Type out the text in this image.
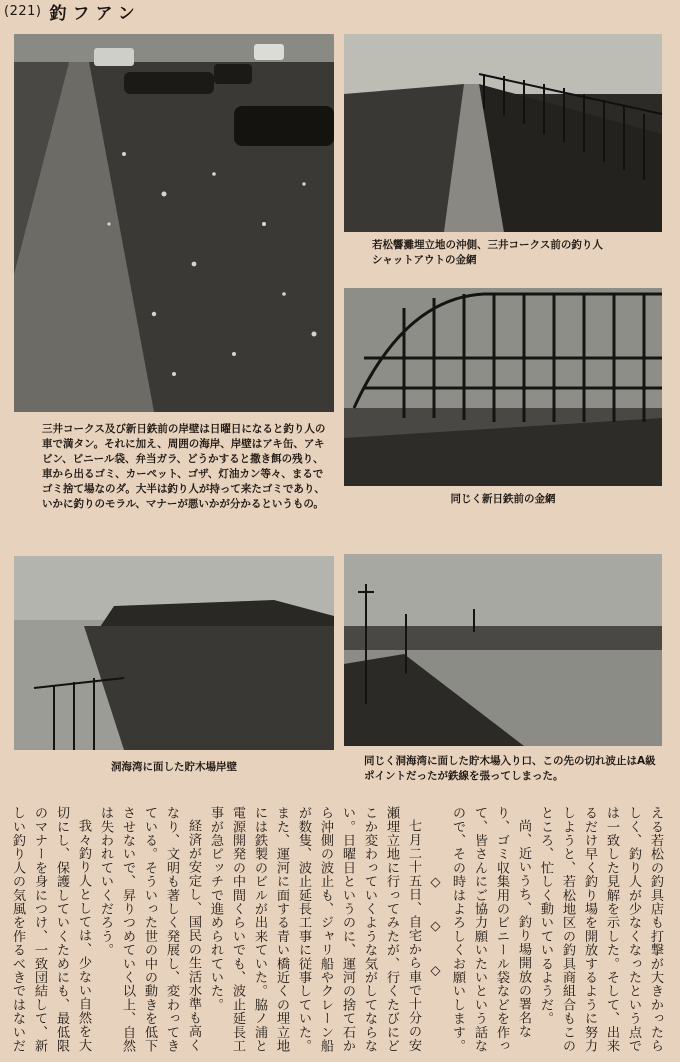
(221) 釣フアン
三井コークス及び新日鉄前の岸壁は日曜日になると釣り人の車で満タン。それに加え、周囲の海岸、岸壁はアキ缶、アキビン、ビニール袋、弁当ガラ、どうかすると撒き餌の残り、車から出るゴミ、カーペット、ゴザ、灯油カン等々、まるでゴミ捨て場なのダ。大半は釣り人が持って来たゴミであり、いかに釣りのモラル、マナーが悪いかが分かるというもの。
若松響灘埋立地の沖側、三井コークス前の釣り人
シャットアウトの金網
同じく新日鉄前の金網
洞海湾に面した貯木場岸壁	同じく洞海湾に面した貯木場入り口、この先の切れ波止はA級ポイントだったが鉄線を張ってしまった。

える若松の釣具店も打撃が大きかったらしく、釣り人が少なくなったという点では一致した見解を示した。そして、出来るだけ早く釣り場を開放するように努力しようと、若松地区の釣具商組合もこのところ、忙しく動いているようだ。

尚、近いうち、釣り場開放の署名なり、ゴミ収集用のビニール袋などを作って、皆さんにご協力願いたいという話なので、その時はよろしくお願いします。

◇　◇　◇

七月二十五日、自宅から車で十分の安瀬埋立地に行ってみたが、行くたびにどこか変わっていくような気がしてならない。日曜日というのに、運河の捨て石から沖側の波止も、ジャリ船やクレーン船が数隻、波止延長工事に従事していた。また、運河に面する青い橋近くの埋立地には鉄製のビルが出来ていた。脇ノ浦と電源開発の中間くらいでも、波止延長工事が急ピッチで進められていた。

経済が安定し、国民の生活水準も高くなり、文明も著しく発展し、変わってきている。そういった世の中の動きを低下させないで、昇りつめていく以上、自然は失われていくだろう。

我々釣り人としては、少ない自然を大切にし、保護していくためにも、最低限のマナーを身につけ、一致団結して、新しい釣り人の気風を作るべきではないだ
